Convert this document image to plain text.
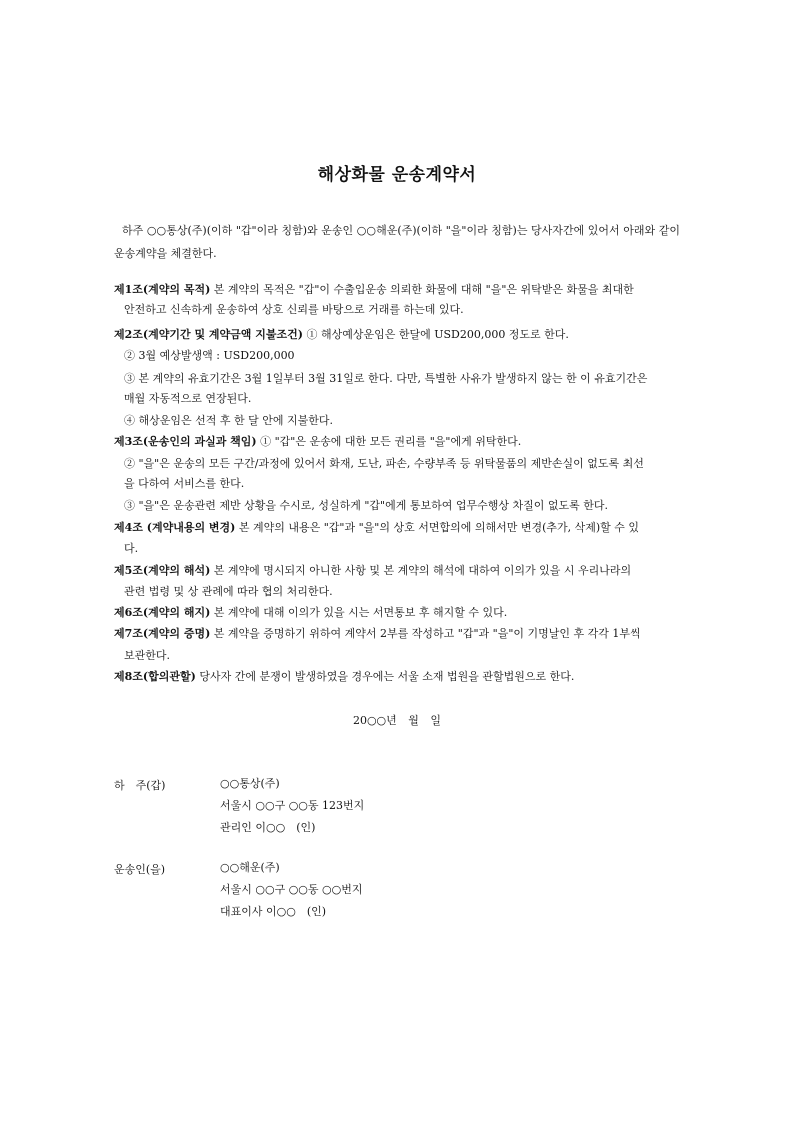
해상화물 운송계약서
하주 ○○통상(주)(이하 "갑"이라 칭함)와 운송인 ○○해운(주)(이하 "을"이라 칭함)는 당사자간에 있어서 아래와 같이 운송계약을 체결한다.
제1조(계약의 목적) 본 계약의 목적은 "갑"이 수출입운송 의뢰한 화물에 대해 "을"은 위탁받은 화물을 최대한
안전하고 신속하게 운송하여 상호 신뢰를 바탕으로 거래를 하는데 있다.
제2조(계약기간 및 계약금액 지불조건) ① 해상예상운임은 한달에 USD200,000 정도로 한다.
② 3월 예상발생액 : USD200,000
③ 본 계약의 유효기간은 3월 1일부터 3월 31일로 한다. 다만, 특별한 사유가 발생하지 않는 한 이 유효기간은
매월 자동적으로 연장된다.
④ 해상운임은 선적 후 한 달 안에 지불한다.
제3조(운송인의 과실과 책임) ① "갑"은 운송에 대한 모든 권리를 "을"에게 위탁한다.
② "을"은 운송의 모든 구간/과정에 있어서 화재, 도난, 파손, 수량부족 등 위탁물품의 제반손실이 없도록 최선
을 다하여 서비스를 한다.
③ "을"은 운송관련 제반 상황을 수시로, 성실하게 "갑"에게 통보하여 업무수행상 차질이 없도록 한다.
제4조 (계약내용의 변경) 본 계약의 내용은 "갑"과 "을"의 상호 서면합의에 의해서만 변경(추가, 삭제)할 수 있
다.
제5조(계약의 해석) 본 계약에 명시되지 아니한 사항 및 본 계약의 해석에 대하여 이의가 있을 시 우리나라의
관련 법령 및 상 관례에 따라 협의 처리한다.
제6조(계약의 해지) 본 계약에 대해 이의가 있을 시는 서면통보 후 해지할 수 있다.
제7조(계약의 증명) 본 계약을 증명하기 위하여 계약서 2부를 작성하고 "갑"과 "을"이 기명날인 후 각각 1부씩
보관한다.
제8조(합의관할) 당사자 간에 분쟁이 발생하였을 경우에는 서울 소재 법원을 관할법원으로 한다.
20○○년 월 일
하　주(갑)	○○통상(주)
서울시 ○○구 ○○동 123번지
관리인 이○○　(인)
운송인(을)	○○해운(주)
서울시 ○○구 ○○동 ○○번지
대표이사 이○○　(인)
